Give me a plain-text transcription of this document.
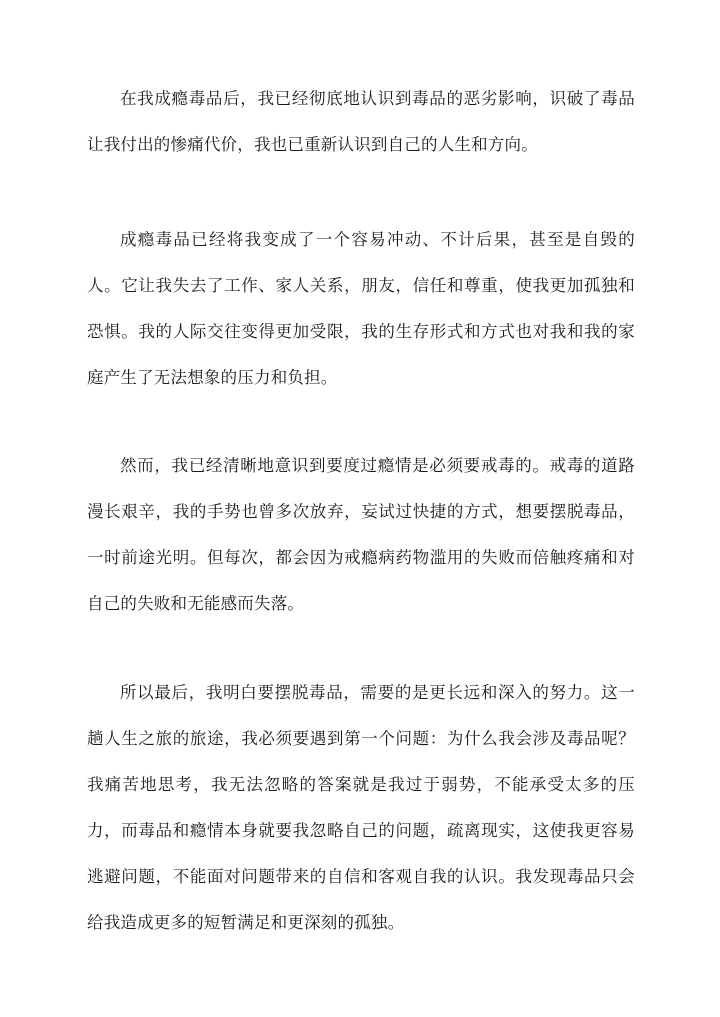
在我成瘾毒品后，我已经彻底地认识到毒品的恶劣影响，识破了毒品让我付出的惨痛代价，我也已重新认识到自己的人生和方向。

成瘾毒品已经将我变成了一个容易冲动、不计后果，甚至是自毁的人。它让我失去了工作、家人关系，朋友，信任和尊重，使我更加孤独和恐惧。我的人际交往变得更加受限，我的生存形式和方式也对我和我的家庭产生了无法想象的压力和负担。

然而，我已经清晰地意识到要度过瘾情是必须要戒毒的。戒毒的道路漫长艰辛，我的手势也曾多次放弃，妄试过快捷的方式，想要摆脱毒品，一时前途光明。但每次，都会因为戒瘾病药物滥用的失败而倍触疼痛和对自己的失败和无能感而失落。

所以最后，我明白要摆脱毒品，需要的是更长远和深入的努力。这一趟人生之旅的旅途，我必须要遇到第一个问题：为什么我会涉及毒品呢？我痛苦地思考，我无法忽略的答案就是我过于弱势，不能承受太多的压力，而毒品和瘾情本身就要我忽略自己的问题，疏离现实，这使我更容易逃避问题，不能面对问题带来的自信和客观自我的认识。我发现毒品只会给我造成更多的短暂满足和更深刻的孤独。
